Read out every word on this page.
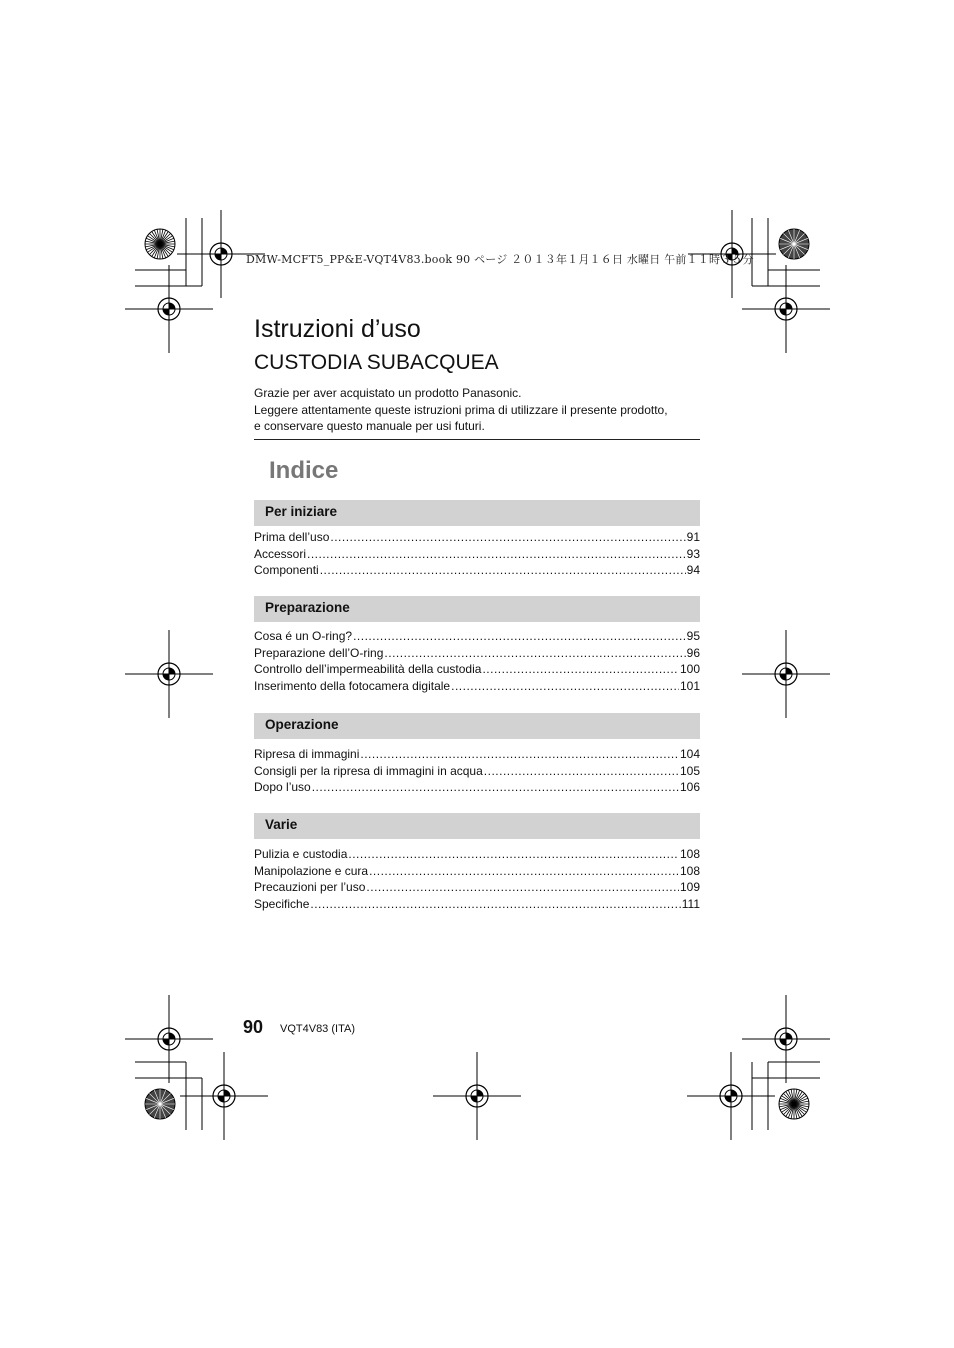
DMW-MCFT5_PP&E-VQT4V83.book 90 ページ ２０１３年１月１６日 水曜日 午前１１時３５分
Istruzioni d’uso
CUSTODIA SUBACQUEA
Grazie per aver acquistato un prodotto Panasonic.
Leggere attentamente queste istruzioni prima di utilizzare il presente prodotto,
e conservare questo manuale per usi futuri.
Indice
Per iniziare
Prima dell’uso .....	91
Accessori .....	93
Componenti .....	94
Preparazione
Cosa é un O-ring? .....	95
Preparazione dell’O-ring .....	96
Controllo dell’impermeabilità della custodia .....	100
Inserimento della fotocamera digitale .....	101
Operazione
Ripresa di immagini .....	104
Consigli per la ripresa di immagini in acqua .....	105
Dopo l’uso .....	106
Varie
Pulizia e custodia .....	108
Manipolazione e cura .....	108
Precauzioni per l’uso .....	109
Specifiche .....	111
90 VQT4V83 (ITA)
